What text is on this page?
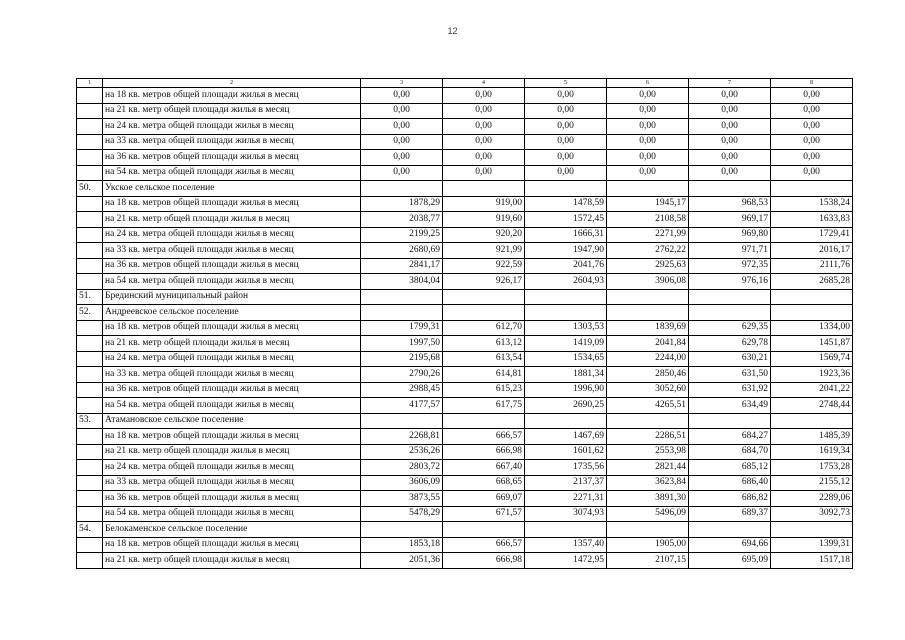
12
1	2	3	4	5	6	7	8
	на 18 кв. метров общей площади жилья в месяц	0,00	0,00	0,00	0,00	0,00	0,00
	на 21 кв. метр общей площади жилья в месяц	0,00	0,00	0,00	0,00	0,00	0,00
	на 24 кв. метра общей площади жилья в месяц	0,00	0,00	0,00	0,00	0,00	0,00
	на 33 кв. метра общей площади жилья в месяц	0,00	0,00	0,00	0,00	0,00	0,00
	на 36 кв. метров общей площади жилья в месяц	0,00	0,00	0,00	0,00	0,00	0,00
	на 54 кв. метра общей площади жилья в месяц	0,00	0,00	0,00	0,00	0,00	0,00
50.	Укское сельское поселение						
	на 18 кв. метров общей площади жилья в месяц	1878,29	919,00	1478,59	1945,17	968,53	1538,24
	на 21 кв. метр общей площади жилья в месяц	2038,77	919,60	1572,45	2108,58	969,17	1633,83
	на 24 кв. метра общей площади жилья в месяц	2199,25	920,20	1666,31	2271,99	969,80	1729,41
	на 33 кв. метра общей площади жилья в месяц	2680,69	921,99	1947,90	2762,22	971,71	2016,17
	на 36 кв. метров общей площади жилья в месяц	2841,17	922,59	2041,76	2925,63	972,35	2111,76
	на 54 кв. метра общей площади жилья в месяц	3804,04	926,17	2604,93	3906,08	976,16	2685,28
51.	Брединский муниципальный район						
52.	Андреевское сельское поселение						
	на 18 кв. метров общей площади жилья в месяц	1799,31	612,70	1303,53	1839,69	629,35	1334,00
	на 21 кв. метр общей площади жилья в месяц	1997,50	613,12	1419,09	2041,84	629,78	1451,87
	на 24 кв. метра общей площади жилья в месяц	2195,68	613,54	1534,65	2244,00	630,21	1569,74
	на 33 кв. метра общей площади жилья в месяц	2790,26	614,81	1881,34	2850,46	631,50	1923,36
	на 36 кв. метров общей площади жилья в месяц	2988,45	615,23	1996,90	3052,60	631,92	2041,22
	на 54 кв. метра общей площади жилья в месяц	4177,57	617,75	2690,25	4265,51	634,49	2748,44
53.	Атамановское сельское поселение						
	на 18 кв. метров общей площади жилья в месяц	2268,81	666,57	1467,69	2286,51	684,27	1485,39
	на 21 кв. метр общей площади жилья в месяц	2536,26	666,98	1601,62	2553,98	684,70	1619,34
	на 24 кв. метра общей площади жилья в месяц	2803,72	667,40	1735,56	2821,44	685,12	1753,28
	на 33 кв. метра общей площади жилья в месяц	3606,09	668,65	2137,37	3623,84	686,40	2155,12
	на 36 кв. метров общей площади жилья в месяц	3873,55	669,07	2271,31	3891,30	686,82	2289,06
	на 54 кв. метра общей площади жилья в месяц	5478,29	671,57	3074,93	5496,09	689,37	3092,73
54.	Белокаменское сельское поселение						
	на 18 кв. метров общей площади жилья в месяц	1853,18	666,57	1357,40	1905,00	694,66	1399,31
	на 21 кв. метр общей площади жилья в месяц	2051,36	666,98	1472,95	2107,15	695,09	1517,18
